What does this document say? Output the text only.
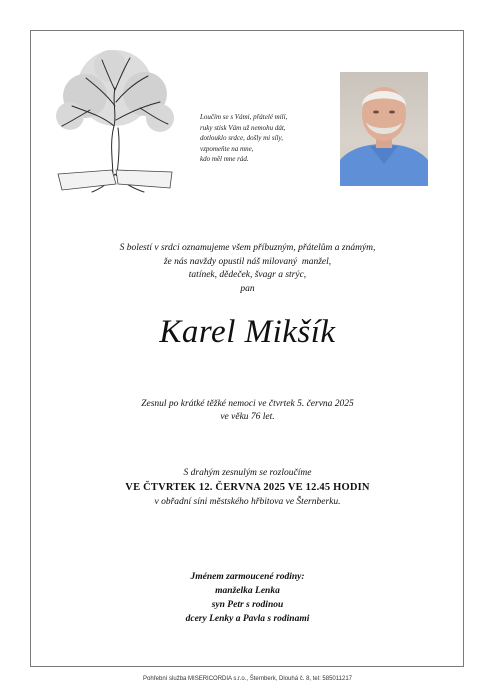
Loučím se s Vámi, přátelé milí,
ruky stisk Vám už nemohu dát,
dotlouklo srdce, došly mi síly,
vzpomeňte na mne,
kdo měl mne rád.
S bolestí v srdci oznamujeme všem příbuzným, přátelům a známým,
že nás navždy opustil náš milovaný  manžel,
tatínek, dědeček, švagr a strýc,
pan
Karel Mikšík
Zesnul po krátké těžké nemoci ve čtvrtek 5. června 2025
ve věku 76 let.
S drahým zesnulým se rozloučíme
VE ČTVRTEK 12. ČERVNA 2025 VE 12.45 HODIN
v obřadní síni městského hřbitova ve Šternberku.
Jménem zarmoucené rodiny:
manželka Lenka
syn Petr s rodinou
dcery Lenky a Pavla s rodinami
Pohřební služba MISERICORDIA s.r.o., Šternberk, Dlouhá č. 8, tel: 585011217
